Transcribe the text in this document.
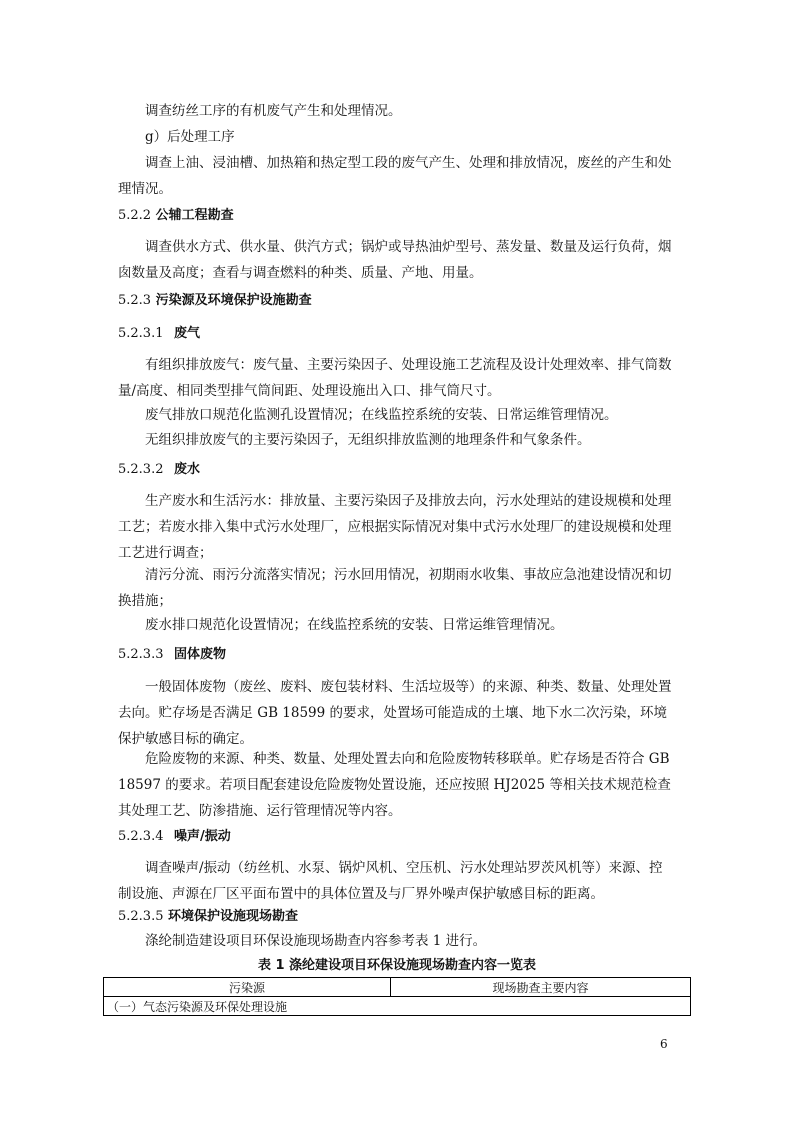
调查纺丝工序的有机废气产生和处理情况。

g）后处理工序

调查上油、浸油槽、加热箱和热定型工段的废气产生、处理和排放情况，废丝的产生和处理情况。

5.2.2 公辅工程勘查

调查供水方式、供水量、供汽方式；锅炉或导热油炉型号、蒸发量、数量及运行负荷，烟囱数量及高度；查看与调查燃料的种类、质量、产地、用量。

5.2.3 污染源及环境保护设施勘查
5.2.3.1 废气

有组织排放废气：废气量、主要污染因子、处理设施工艺流程及设计处理效率、排气筒数量/高度、相同类型排气筒间距、处理设施出入口、排气筒尺寸。

废气排放口规范化监测孔设置情况；在线监控系统的安装、日常运维管理情况。

无组织排放废气的主要污染因子，无组织排放监测的地理条件和气象条件。

5.2.3.2 废水

生产废水和生活污水：排放量、主要污染因子及排放去向，污水处理站的建设规模和处理工艺；若废水排入集中式污水处理厂，应根据实际情况对集中式污水处理厂的建设规模和处理工艺进行调查；

清污分流、雨污分流落实情况；污水回用情况，初期雨水收集、事故应急池建设情况和切换措施；

废水排口规范化设置情况；在线监控系统的安装、日常运维管理情况。

5.2.3.3 固体废物

一般固体废物（废丝、废料、废包装材料、生活垃圾等）的来源、种类、数量、处理处置去向。贮存场是否满足 GB 18599 的要求，处置场可能造成的土壤、地下水二次污染，环境保护敏感目标的确定。

危险废物的来源、种类、数量、处理处置去向和危险废物转移联单。贮存场是否符合 GB 18597 的要求。若项目配套建设危险废物处置设施，还应按照 HJ2025 等相关技术规范检查其处理工艺、防渗措施、运行管理情况等内容。

5.2.3.4 噪声/振动

调查噪声/振动（纺丝机、水泵、锅炉风机、空压机、污水处理站罗茨风机等）来源、控制设施、声源在厂区平面布置中的具体位置及与厂界外噪声保护敏感目标的距离。

5.2.3.5 环境保护设施现场勘查

涤纶制造建设项目环保设施现场勘查内容参考表 1 进行。

表 1 涤纶建设项目环保设施现场勘查内容一览表

污染源	现场勘查主要内容
（一）气态污染源及环保处理设施

6
